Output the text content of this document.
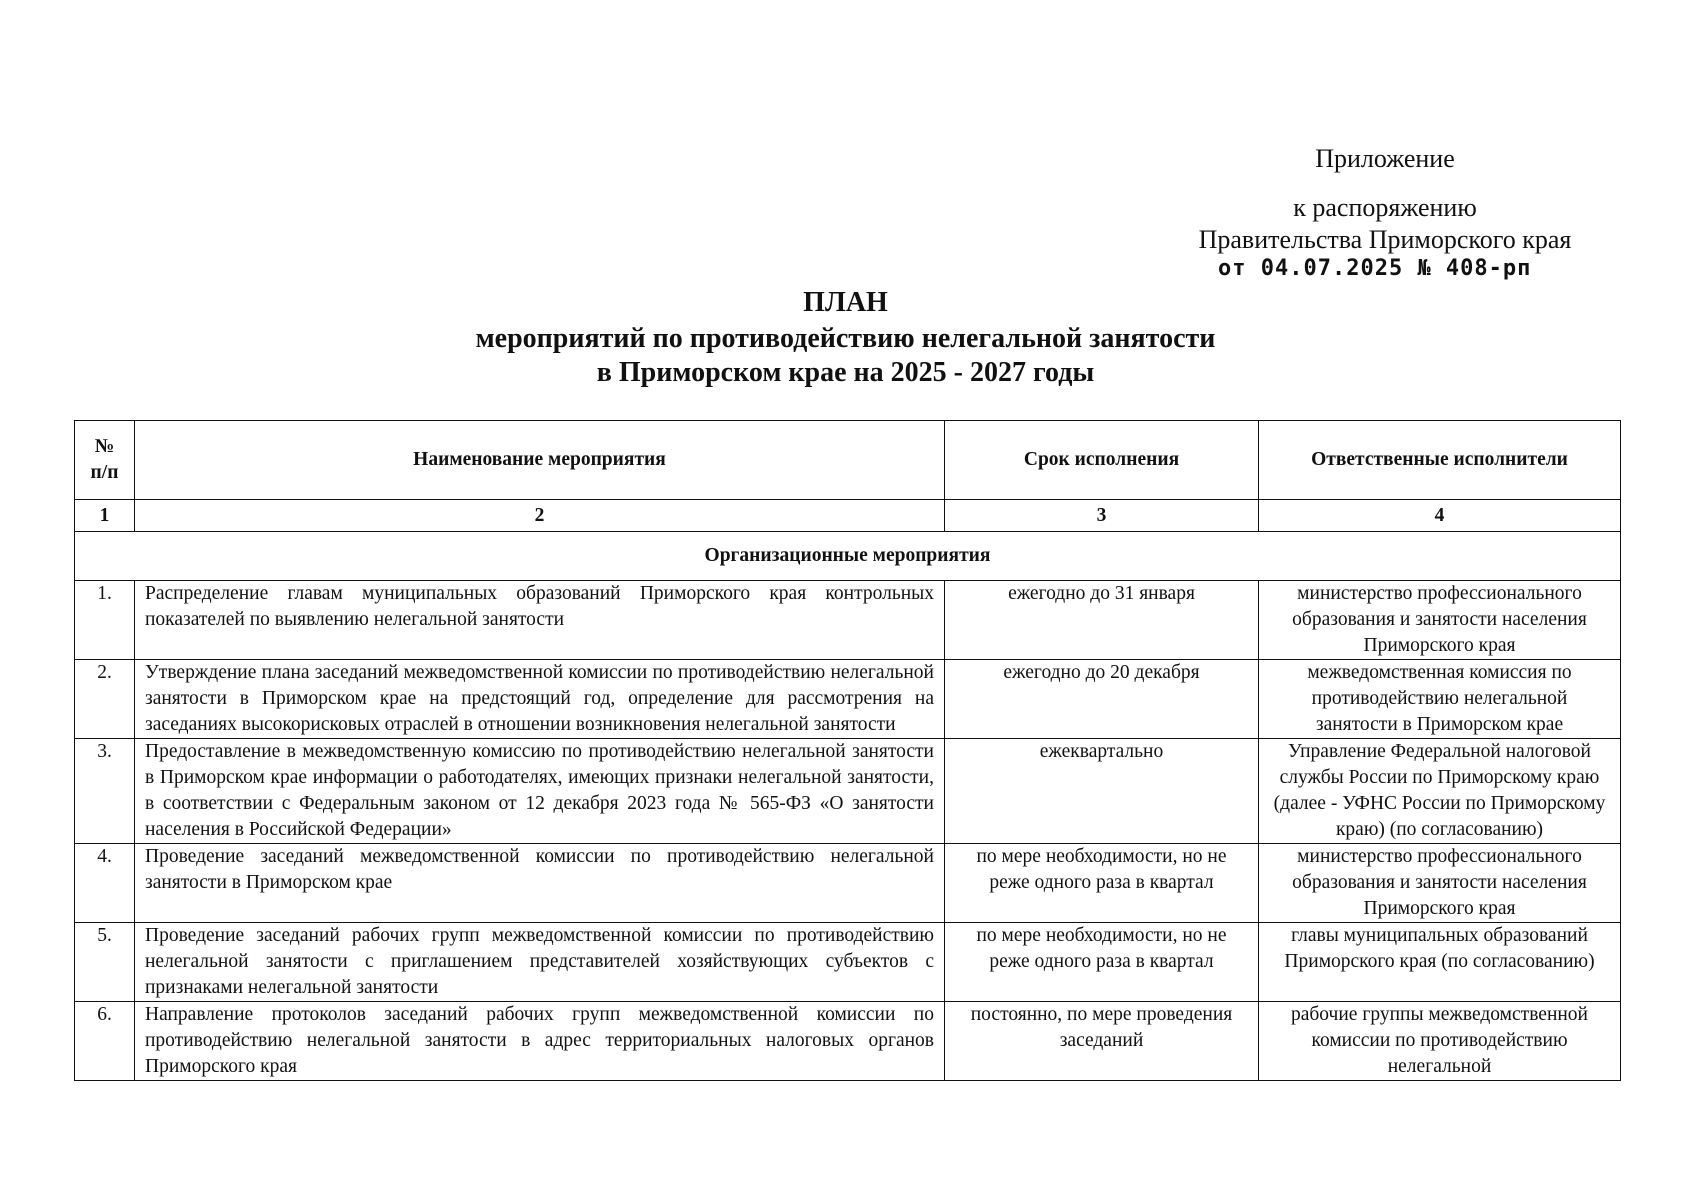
Приложение
к распоряжению
Правительства Приморского края
от 04.07.2025 № 408-рп
ПЛАН
мероприятий по противодействию нелегальной занятости
в Приморском крае на 2025 - 2027 годы
№ п/п	Наименование мероприятия	Срок исполнения	Ответственные исполнители
1	2	3	4
Организационные мероприятия			
1.	Распределение главам муниципальных образований Приморского края контрольных показателей по выявлению нелегальной занятости	ежегодно до 31 января	министерство профессионального образования и занятости населения Приморского края
2.	Утверждение плана заседаний межведомственной комиссии по противодействию нелегальной занятости в Приморском крае на предстоящий год, определение для рассмотрения на заседаниях высокорисковых отраслей в отношении возникновения нелегальной занятости	ежегодно до 20 декабря	межведомственная комиссия по противодействию нелегальной занятости в Приморском крае
3.	Предоставление в межведомственную комиссию по противодействию нелегальной занятости в Приморском крае информации о работодателях, имеющих признаки нелегальной занятости, в соответствии с Федеральным законом от 12 декабря 2023 года № 565-ФЗ «О занятости населения в Российской Федерации»	ежеквартально	Управление Федеральной налоговой службы России по Приморскому краю (далее - УФНС России по Приморскому краю) (по согласованию)
4.	Проведение заседаний межведомственной комиссии по противодействию нелегальной занятости в Приморском крае	по мере необходимости, но не реже одного раза в квартал	министерство профессионального образования и занятости населения Приморского края
5.	Проведение заседаний рабочих групп межведомственной комиссии по противодействию нелегальной занятости с приглашением представителей хозяйствующих субъектов с признаками нелегальной занятости	по мере необходимости, но не реже одного раза в квартал	главы муниципальных образований Приморского края (по согласованию)
6.	Направление протоколов заседаний рабочих групп межведомственной комиссии по противодействию нелегальной занятости в адрес территориальных налоговых органов Приморского края	постоянно, по мере проведения заседаний	рабочие группы межведомственной комиссии по противодействию нелегальной
